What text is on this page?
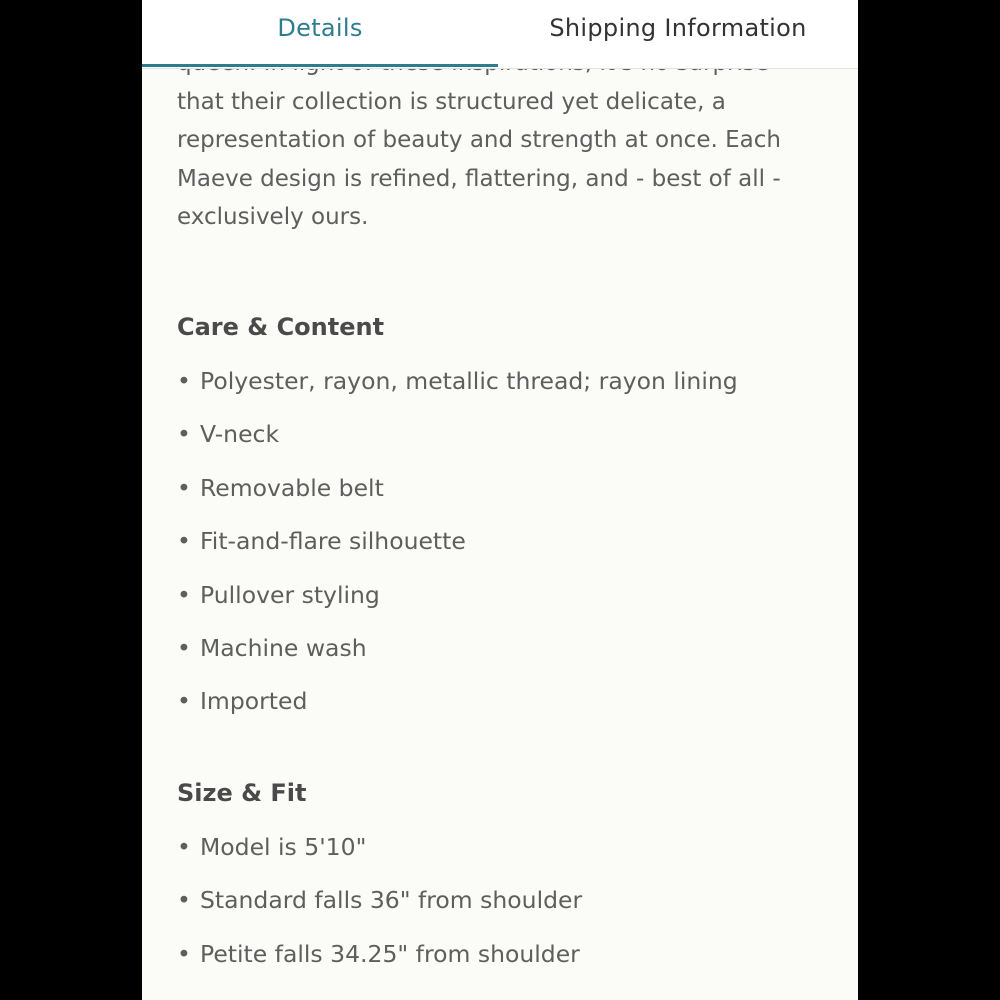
that their collection is structured yet delicate, a
representation of beauty and strength at once. Each
Maeve design is refined, flattering, and - best of all -
exclusively ours.
Care & Content
• Polyester, rayon, metallic thread; rayon lining
• V-neck
• Removable belt
• Fit-and-flare silhouette
• Pullover styling
• Machine wash
• Imported
Size & Fit
• Model is 5'10"
• Standard falls 36" from shoulder
• Petite falls 34.25" from shoulder
Details	Shipping Information
